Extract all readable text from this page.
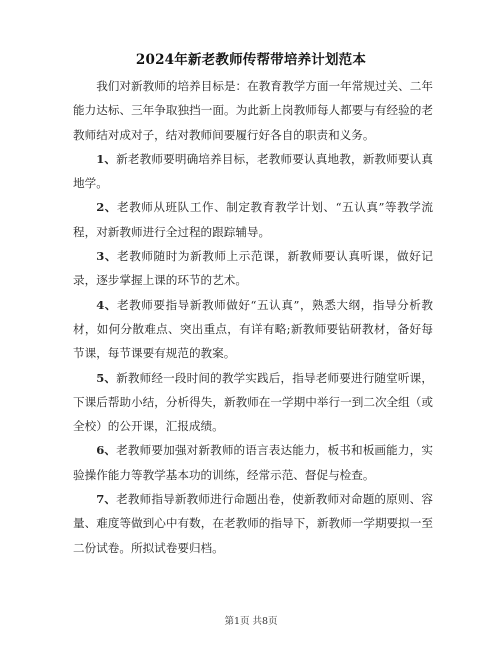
2024年新老教师传帮带培养计划范本

我们对新教师的培养目标是：在教育教学方面一年常规过关、二年能力达标、三年争取独挡一面。为此新上岗教师每人都要与有经验的老教师结对成对子，结对教师间要履行好各自的职责和义务。

1、新老教师要明确培养目标，老教师要认真地教，新教师要认真地学。

2、老教师从班队工作、制定教育教学计划、“五认真”等教学流程，对新教师进行全过程的跟踪辅导。

3、老教师随时为新教师上示范课，新教师要认真听课，做好记录，逐步掌握上课的环节的艺术。

4、老教师要指导新教师做好“五认真”，熟悉大纲，指导分析教材，如何分散难点、突出重点，有详有略;新教师要钻研教材，备好每节课，每节课要有规范的教案。

5、新教师经一段时间的教学实践后，指导老师要进行随堂听课，下课后帮助小结，分析得失，新教师在一学期中举行一到二次全组（或全校）的公开课，汇报成绩。

6、老教师要加强对新教师的语言表达能力，板书和板画能力，实验操作能力等教学基本功的训练，经常示范、督促与检查。

7、老教师指导新教师进行命题出卷，使新教师对命题的原则、容量、难度等做到心中有数，在老教师的指导下，新教师一学期要拟一至二份试卷。所拟试卷要归档。

第1页 共8页
